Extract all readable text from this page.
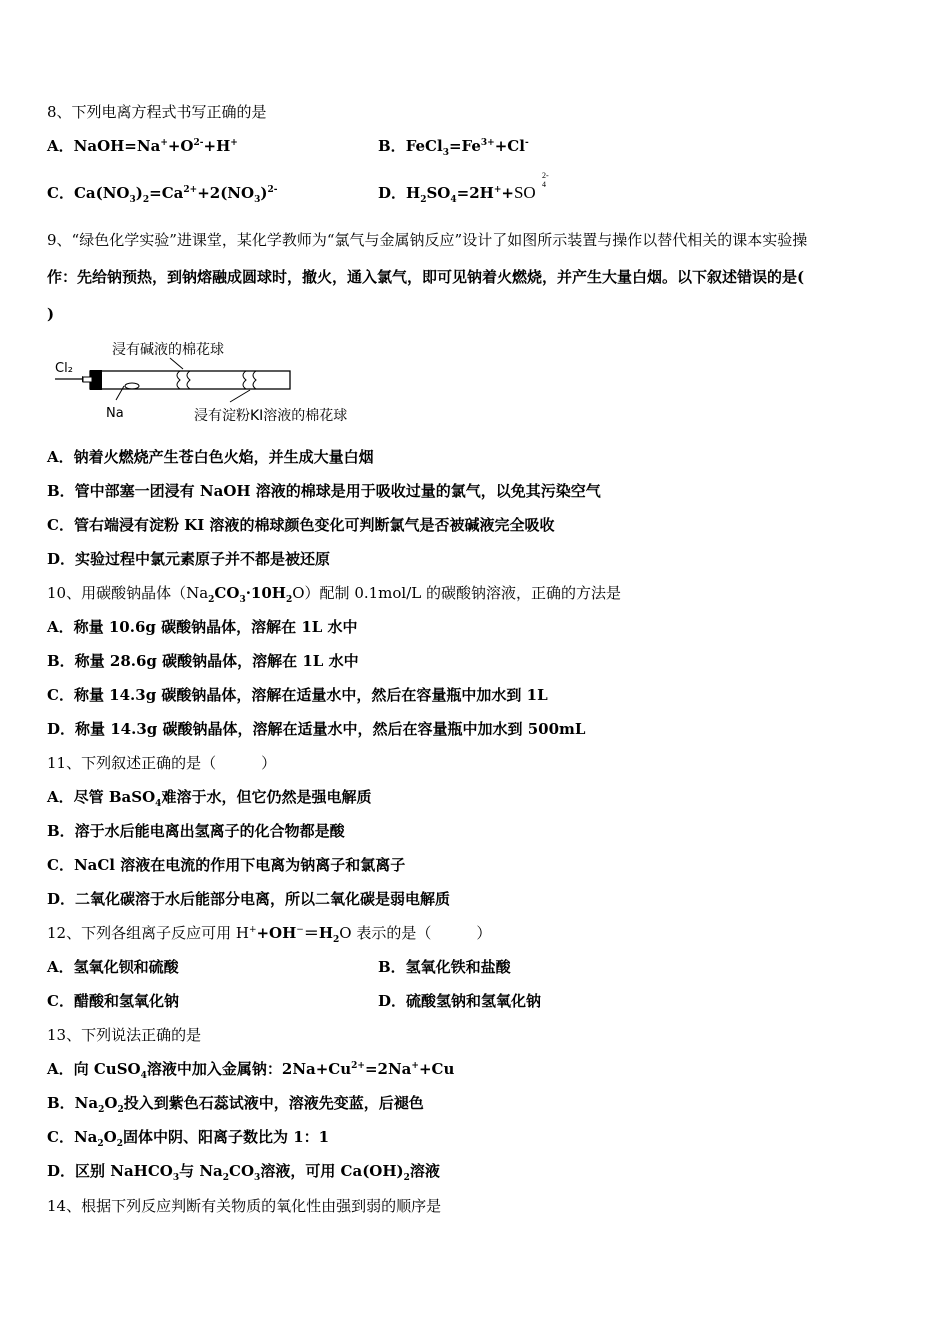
8、下列电离方程式书写正确的是
A．$NaOH=Na^++O^{2-}+H^+$	B．$FeCl_3=Fe^{3+}+Cl^-$
C．$Ca(NO_3)_2=Ca^{2+}+2(NO_3)^{2-}$	D．$H_2SO_4=2H^++SO$
2-
4
9、“绿色化学实验”进课堂，某化学教师为“氯气与金属钠反应”设计了如图所示装置与操作以替代相关的课本实验操
作：先给钠预热，到钠熔融成圆球时，撤火，通入氯气，即可见钠着火燃烧，并产生大量白烟。以下叙述错误的是(
)
Cl₂
Na
浸有碱液的棉花球
浸有淀粉KI溶液的棉花球
A．钠着火燃烧产生苍白色火焰，并生成大量白烟
B．管中部塞一团浸有 NaOH 溶液的棉球是用于吸收过量的氯气，以免其污染空气
C．管右端浸有淀粉 KI 溶液的棉球颜色变化可判断氯气是否被碱液完全吸收
D．实验过程中氯元素原子并不都是被还原
10、用碳酸钠晶体$(Na_2CO_3\cdot 10H_2O)$配制 0.1mol/L 的碳酸钠溶液，正确的方法是
A．称量 10.6g 碳酸钠晶体，溶解在 1L 水中
B．称量 28.6g 碳酸钠晶体，溶解在 1L 水中
C．称量 14.3g 碳酸钠晶体，溶解在适量水中，然后在容量瓶中加水到 1L
D．称量 14.3g 碳酸钠晶体，溶解在适量水中，然后在容量瓶中加水到 500mL
11、下列叙述正确的是（　　　）
A．尽管 BaSO$_4$难溶于水，但它仍然是强电解质
B．溶于水后能电离出氢离子的化合物都是酸
C．NaCl 溶液在电流的作用下电离为钠离子和氯离子
D．二氧化碳溶于水后能部分电离，所以二氧化碳是弱电解质
12、下列各组离子反应可用 $H^++OH^-=H_2O$ 表示的是（　　　）
A．氢氧化钡和硫酸	B．氢氧化铁和盐酸
C．醋酸和氢氧化钠	D．硫酸氢钠和氢氧化钠
13、下列说法正确的是
A．向 CuSO$_4$溶液中加入金属钠：$2Na+Cu^{2+}=2Na^++Cu$
B．$Na_2O_2$投入到紫色石蕊试液中，溶液先变蓝，后褪色
C．$Na_2O_2$固体中阴、阳离子数比为 1：1
D．区别 NaHCO$_3$与 $Na_2CO_3$溶液，可用 $Ca(OH)_2$溶液
14、根据下列反应判断有关物质的氧化性由强到弱的顺序是
